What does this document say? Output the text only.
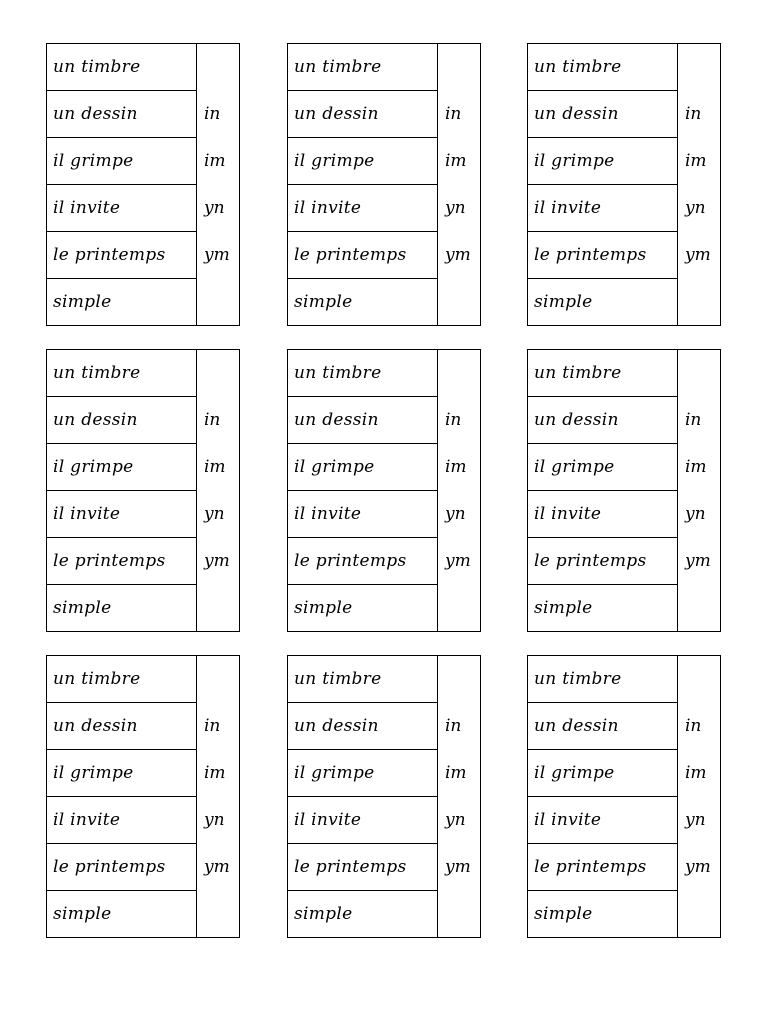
un timbre
un dessin
il grimpe
il invite
le printemps
simple
in
im
yn
ym
un timbre
un dessin
il grimpe
il invite
le printemps
simple
in
im
yn
ym
un timbre
un dessin
il grimpe
il invite
le printemps
simple
in
im
yn
ym
un timbre
un dessin
il grimpe
il invite
le printemps
simple
in
im
yn
ym
un timbre
un dessin
il grimpe
il invite
le printemps
simple
in
im
yn
ym
un timbre
un dessin
il grimpe
il invite
le printemps
simple
in
im
yn
ym
un timbre
un dessin
il grimpe
il invite
le printemps
simple
in
im
yn
ym
un timbre
un dessin
il grimpe
il invite
le printemps
simple
in
im
yn
ym
un timbre
un dessin
il grimpe
il invite
le printemps
simple
in
im
yn
ym
